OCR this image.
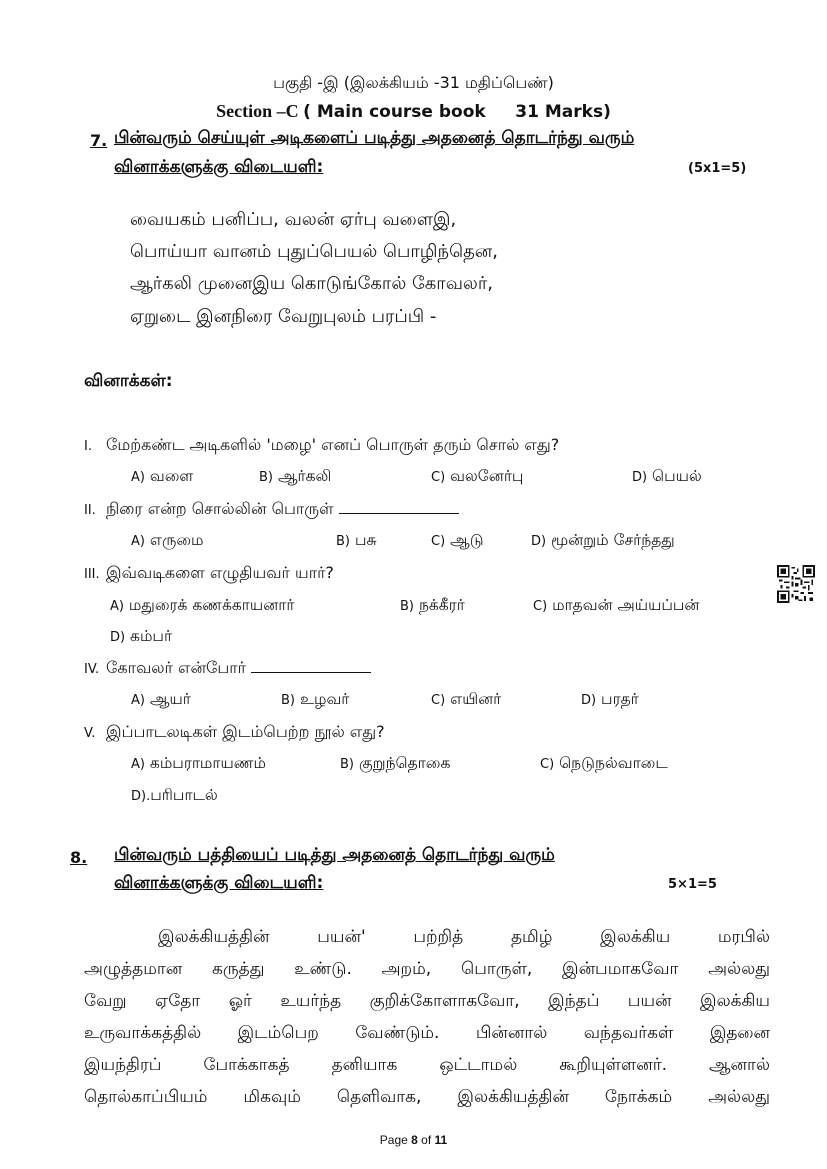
பகுதி -இ (இலக்கியம் -31 மதிப்பெண்)
Section –C ( Main course book     31 Marks)
7. பின்வரும் செய்யுள் அடிகளைப் படித்து அதனைத் தொடர்ந்து வரும்
வினாக்களுக்கு விடையளி:	(5x1=5)
வையகம் பனிப்ப, வலன் ஏர்பு வளைஇ,
பொய்யா வானம் புதுப்பெயல் பொழிந்தென,
ஆர்கலி முனைஇய கொடுங்கோல் கோவலர்,
ஏறுடை இனநிரை வேறுபுலம் பரப்பி -
வினாக்கள்:
I. மேற்கண்ட அடிகளில் 'மழை' எனப் பொருள் தரும் சொல் எது?
A) வளை	B) ஆர்கலி	C) வலனேர்பு	D) பெயல்
II. நிரை என்ற சொல்லின் பொருள்
A) எருமை	B) பசு	C) ஆடு	D) மூன்றும் சேர்ந்தது
III. இவ்வடிகளை எழுதியவர் யார்?
A) மதுரைக் கணக்காயனார்	B) நக்கீரர்	C) மாதவன் அய்யப்பன்
D) கம்பர்
IV. கோவலர் என்போர்
A) ஆயர்	B) உழவர்	C) எயினர்	D) பரதர்
V. இப்பாடலடிகள் இடம்பெற்ற நூல் எது?
A) கம்பராமாயணம்	B) குறுந்தொகை	C) நெடுநல்வாடை
D).பரிபாடல்
8. பின்வரும் பத்தியைப் படித்து அதனைத் தொடர்ந்து வரும்
வினாக்களுக்கு விடையளி:	5×1=5
இலக்கியத்தின் பயன்' பற்றித் தமிழ் இலக்கிய மரபில்
அழுத்தமான கருத்து உண்டு. அறம், பொருள், இன்பமாகவோ அல்லது
வேறு ஏதோ ஓர் உயர்ந்த குறிக்கோளாகவோ, இந்தப் பயன் இலக்கிய
உருவாக்கத்தில் இடம்பெற வேண்டும். பின்னால் வந்தவர்கள் இதனை
இயந்திரப் போக்காகத் தனியாக ஒட்டாமல் கூறியுள்ளனர். ஆனால்
தொல்காப்பியம் மிகவும் தெளிவாக, இலக்கியத்தின் நோக்கம் அல்லது
Page 8 of 11
